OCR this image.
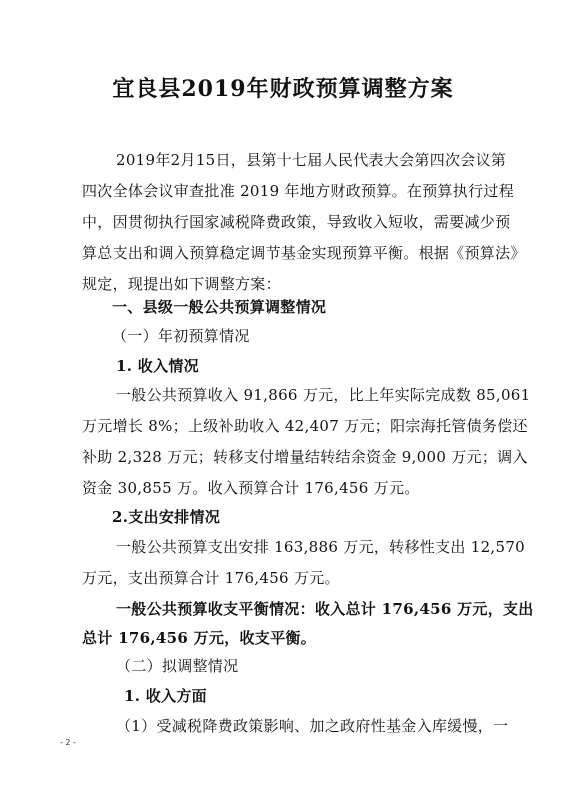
宜良县2019年财政预算调整方案
2019年2月15日，县第十七届人民代表大会第四次会议第
四次全体会议审查批准 2019 年地方财政预算。在预算执行过程
中，因贯彻执行国家减税降费政策，导致收入短收，需要减少预
算总支出和调入预算稳定调节基金实现预算平衡。根据《预算法》
规定，现提出如下调整方案：
一、县级一般公共预算调整情况
（一）年初预算情况
1. 收入情况
一般公共预算收入 91,866 万元，比上年实际完成数 85,061
万元增长 8%；上级补助收入 42,407 万元；阳宗海托管债务偿还
补助 2,328 万元；转移支付增量结转结余资金 9,000 万元；调入
资金 30,855 万。收入预算合计 176,456 万元。
2.支出安排情况
一般公共预算支出安排 163,886 万元，转移性支出 12,570
万元，支出预算合计 176,456 万元。
一般公共预算收支平衡情况：收入总计 176,456 万元，支出
总计 176,456 万元，收支平衡。
（二）拟调整情况
1. 收入方面
（1）受减税降费政策影响、加之政府性基金入库缓慢，一
- 2 -
